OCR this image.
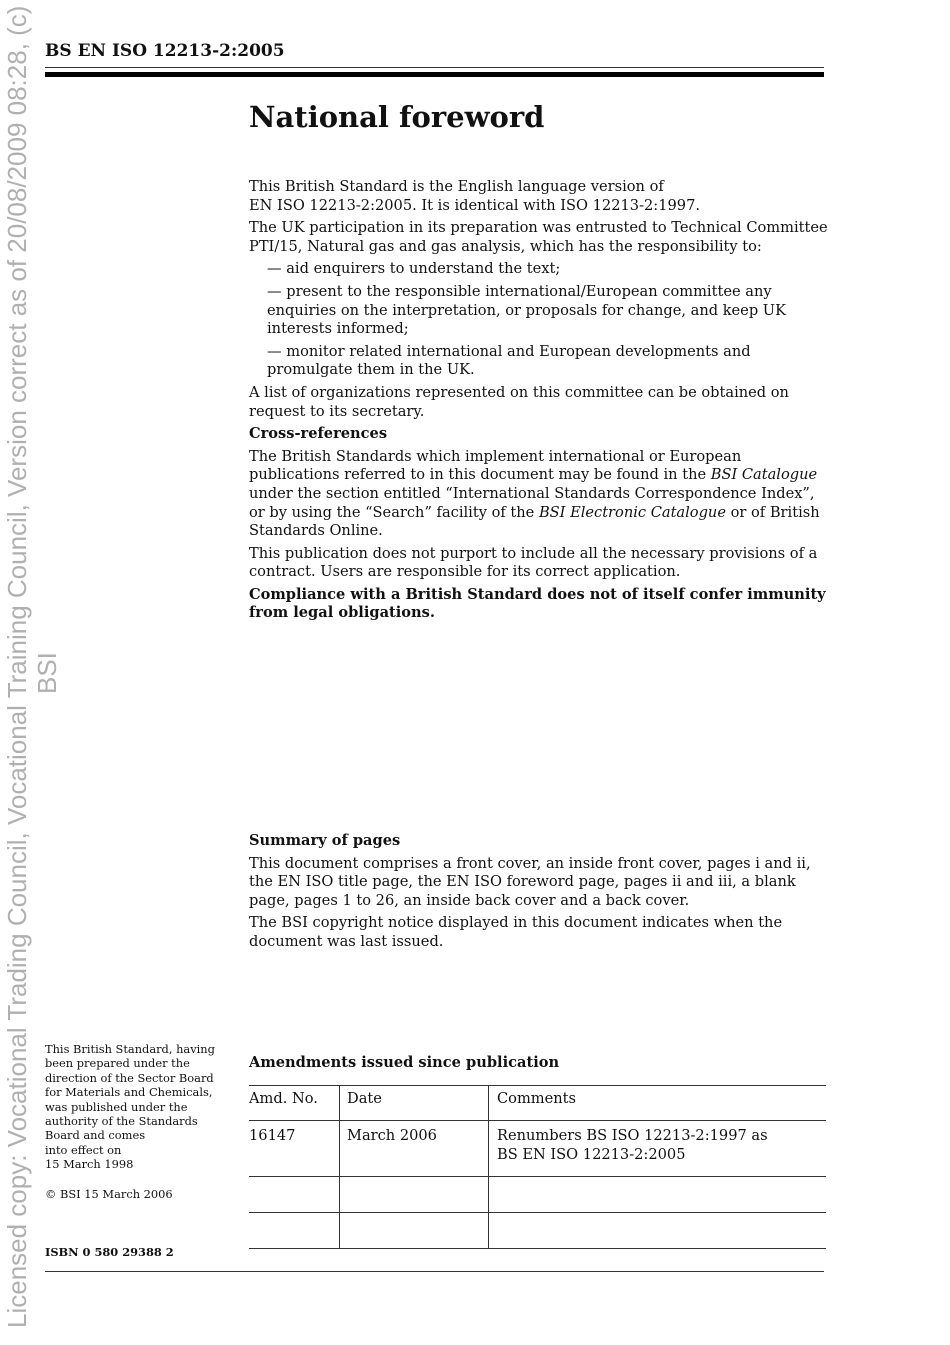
Licensed copy: Vocational Trading Council, Vocational Training Council, Version correct as of 20/08/2009 08:28, (c) BSI
BS EN ISO 12213-2:2005
National foreword

This British Standard is the English language version of
EN ISO 12213-2:2005. It is identical with ISO 12213-2:1997.

The UK participation in its preparation was entrusted to Technical Committee PTI/15, Natural gas and gas analysis, which has the responsibility to:

— aid enquirers to understand the text;

— present to the responsible international/European committee any enquiries on the interpretation, or proposals for change, and keep UK interests informed;

— monitor related international and European developments and promulgate them in the UK.

A list of organizations represented on this committee can be obtained on request to its secretary.

Cross-references

The British Standards which implement international or European publications referred to in this document may be found in the BSI Catalogue under the section entitled “International Standards Correspondence Index”, or by using the “Search” facility of the BSI Electronic Catalogue or of British Standards Online.

This publication does not purport to include all the necessary provisions of a contract. Users are responsible for its correct application.

Compliance with a British Standard does not of itself confer immunity from legal obligations.

Summary of pages

This document comprises a front cover, an inside front cover, pages i and ii, the EN ISO title page, the EN ISO foreword page, pages ii and iii, a blank page, pages 1 to 26, an inside back cover and a back cover.

The BSI copyright notice displayed in this document indicates when the document was last issued.

This British Standard, having

been prepared under the

direction of the Sector Board

for Materials and Chemicals,

was published under the

authority of the Standards

Board and comes

into effect on

15 March 1998

© BSI 15 March 2006
ISBN 0 580 29388 2
Amendments issued since publication
Amd. No.	Date	Comments
16147	March 2006	Renumbers BS ISO 12213-2:1997 as
BS EN ISO 12213-2:2005
